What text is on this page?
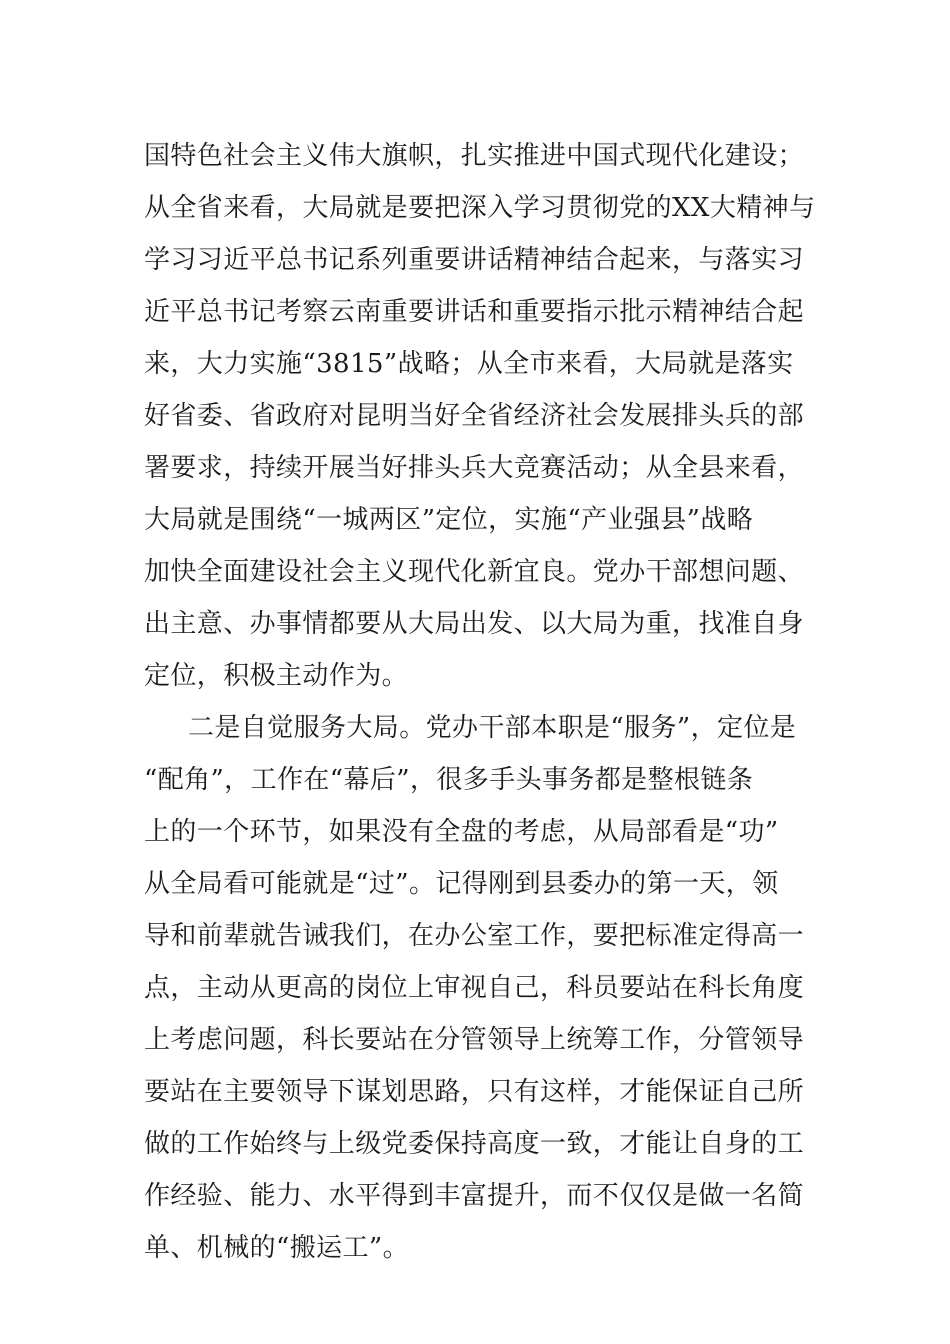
国特色社会主义伟大旗帜，扎实推进中国式现代化建设；
从全省来看，大局就是要把深入学习贯彻党的XX大精神与
学习习近平总书记系列重要讲话精神结合起来，与落实习
近平总书记考察云南重要讲话和重要指示批示精神结合起
来，大力实施“3815”战略；从全市来看，大局就是落实
好省委、省政府对昆明当好全省经济社会发展排头兵的部
署要求，持续开展当好排头兵大竞赛活动；从全县来看，
大局就是围绕“一城两区”定位，实施“产业强县”战略
加快全面建设社会主义现代化新宜良。党办干部想问题、
出主意、办事情都要从大局出发、以大局为重，找准自身
定位，积极主动作为。
二是自觉服务大局。党办干部本职是“服务”，定位是
“配角”，工作在“幕后”，很多手头事务都是整根链条
上的一个环节，如果没有全盘的考虑，从局部看是“功”
从全局看可能就是“过”。记得刚到县委办的第一天，领
导和前辈就告诫我们，在办公室工作，要把标准定得高一
点，主动从更高的岗位上审视自己，科员要站在科长角度
上考虑问题，科长要站在分管领导上统筹工作，分管领导
要站在主要领导下谋划思路，只有这样，才能保证自己所
做的工作始终与上级党委保持高度一致，才能让自身的工
作经验、能力、水平得到丰富提升，而不仅仅是做一名简
单、机械的“搬运工”。
